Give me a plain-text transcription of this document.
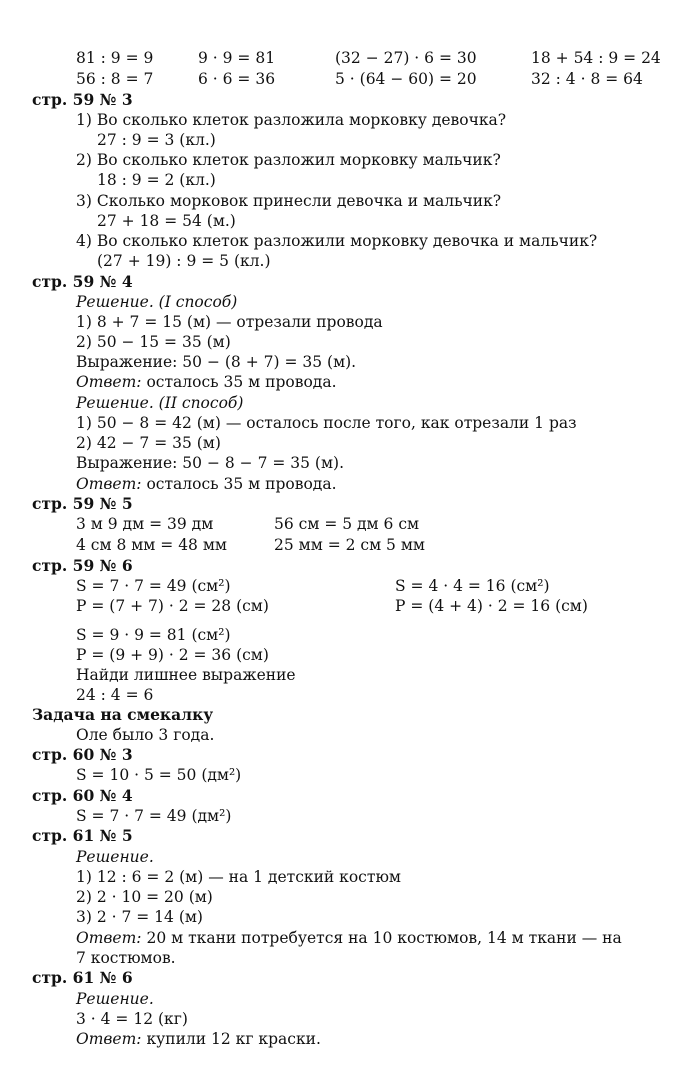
81 : 9 = 9	9 · 9 = 81	(32 − 27) · 6 = 30	18 + 54 : 9 = 24
56 : 8 = 7	6 · 6 = 36	5 · (64 − 60) = 20	32 : 4 · 8 = 64
стр. 59 № 3
1) Во сколько клеток разложила морковку девочка?
27 : 9 = 3 (кл.)
2) Во сколько клеток разложил морковку мальчик?
18 : 9 = 2 (кл.)
3) Сколько морковок принесли девочка и мальчик?
27 + 18 = 54 (м.)
4) Во сколько клеток разложили морковку девочка и мальчик?
(27 + 19) : 9 = 5 (кл.)
стр. 59 № 4
Решение. (I способ)
1) 8 + 7 = 15 (м) — отрезали провода
2) 50 − 15 = 35 (м)
Выражение: 50 − (8 + 7) = 35 (м).
Ответ: осталось 35 м провода.
Решение. (II способ)
1) 50 − 8 = 42 (м) — осталось после того, как отрезали 1 раз
2) 42 − 7 = 35 (м)
Выражение: 50 − 8 − 7 = 35 (м).
Ответ: осталось 35 м провода.
стр. 59 № 5
3 м 9 дм = 39 дм	56 см = 5 дм 6 см
4 см 8 мм = 48 мм	25 мм = 2 см 5 мм
стр. 59 № 6
S = 7 · 7 = 49 (см²)	S = 4 · 4 = 16 (см²)
P = (7 + 7) · 2 = 28 (см)	P = (4 + 4) · 2 = 16 (см)
S = 9 · 9 = 81 (см²)
P = (9 + 9) · 2 = 36 (см)
Найди лишнее выражение
24 : 4 = 6
Задача на смекалку
Оле было 3 года.
стр. 60 № 3
S = 10 · 5 = 50 (дм²)
стр. 60 № 4
S = 7 · 7 = 49 (дм²)
стр. 61 № 5
Решение.
1) 12 : 6 = 2 (м) — на 1 детский костюм
2) 2 · 10 = 20 (м)
3) 2 · 7 = 14 (м)
Ответ: 20 м ткани потребуется на 10 костюмов, 14 м ткани — на
7 костюмов.
стр. 61 № 6
Решение.
3 · 4 = 12 (кг)
Ответ: купили 12 кг краски.
